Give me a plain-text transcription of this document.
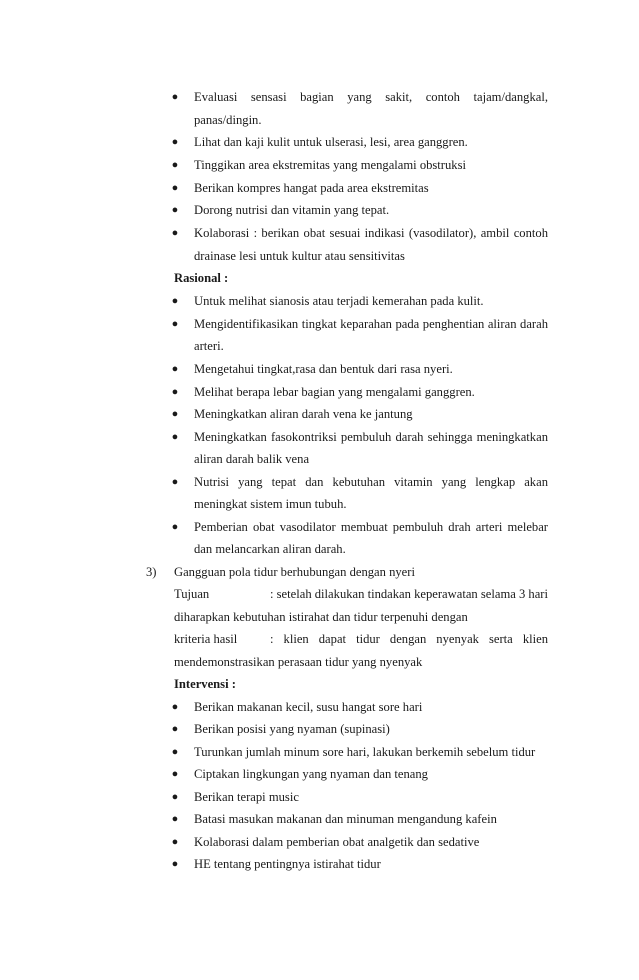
● Evaluasi sensasi bagian yang sakit, contoh tajam/dangkal,
panas/dingin.
● Lihat dan kaji kulit untuk ulserasi, lesi, area ganggren.
● Tinggikan area ekstremitas yang mengalami obstruksi
● Berikan kompres hangat pada area ekstremitas
● Dorong nutrisi dan vitamin yang tepat.
● Kolaborasi : berikan obat sesuai indikasi (vasodilator), ambil contoh
drainase lesi untuk kultur atau sensitivitas
Rasional :
● Untuk melihat sianosis atau terjadi kemerahan pada kulit.
● Mengidentifikasikan tingkat keparahan pada penghentian aliran darah
arteri.
● Mengetahui tingkat,rasa dan bentuk dari rasa nyeri.
● Melihat berapa lebar bagian yang mengalami ganggren.
● Meningkatkan aliran darah vena ke jantung
● Meningkatkan fasokontriksi pembuluh darah sehingga meningkatkan
aliran darah balik vena
● Nutrisi yang tepat dan kebutuhan vitamin yang lengkap akan
meningkat sistem imun tubuh.
● Pemberian obat vasodilator membuat pembuluh drah arteri melebar
dan melancarkan aliran darah.
3) Gangguan pola tidur berhubungan dengan nyeri
Tujuan	: setelah dilakukan tindakan keperawatan selama 3 hari
diharapkan kebutuhan istirahat dan tidur terpenuhi dengan
kriteria hasil	: klien dapat tidur dengan nyenyak serta klien
mendemonstrasikan perasaan tidur yang nyenyak
Intervensi :
● Berikan makanan kecil, susu hangat sore hari
● Berikan posisi yang nyaman (supinasi)
● Turunkan jumlah minum sore hari, lakukan berkemih sebelum tidur
● Ciptakan lingkungan yang nyaman dan tenang
● Berikan terapi music
● Batasi masukan makanan dan minuman mengandung kafein
● Kolaborasi dalam pemberian obat analgetik dan sedative
● HE tentang pentingnya istirahat tidur
